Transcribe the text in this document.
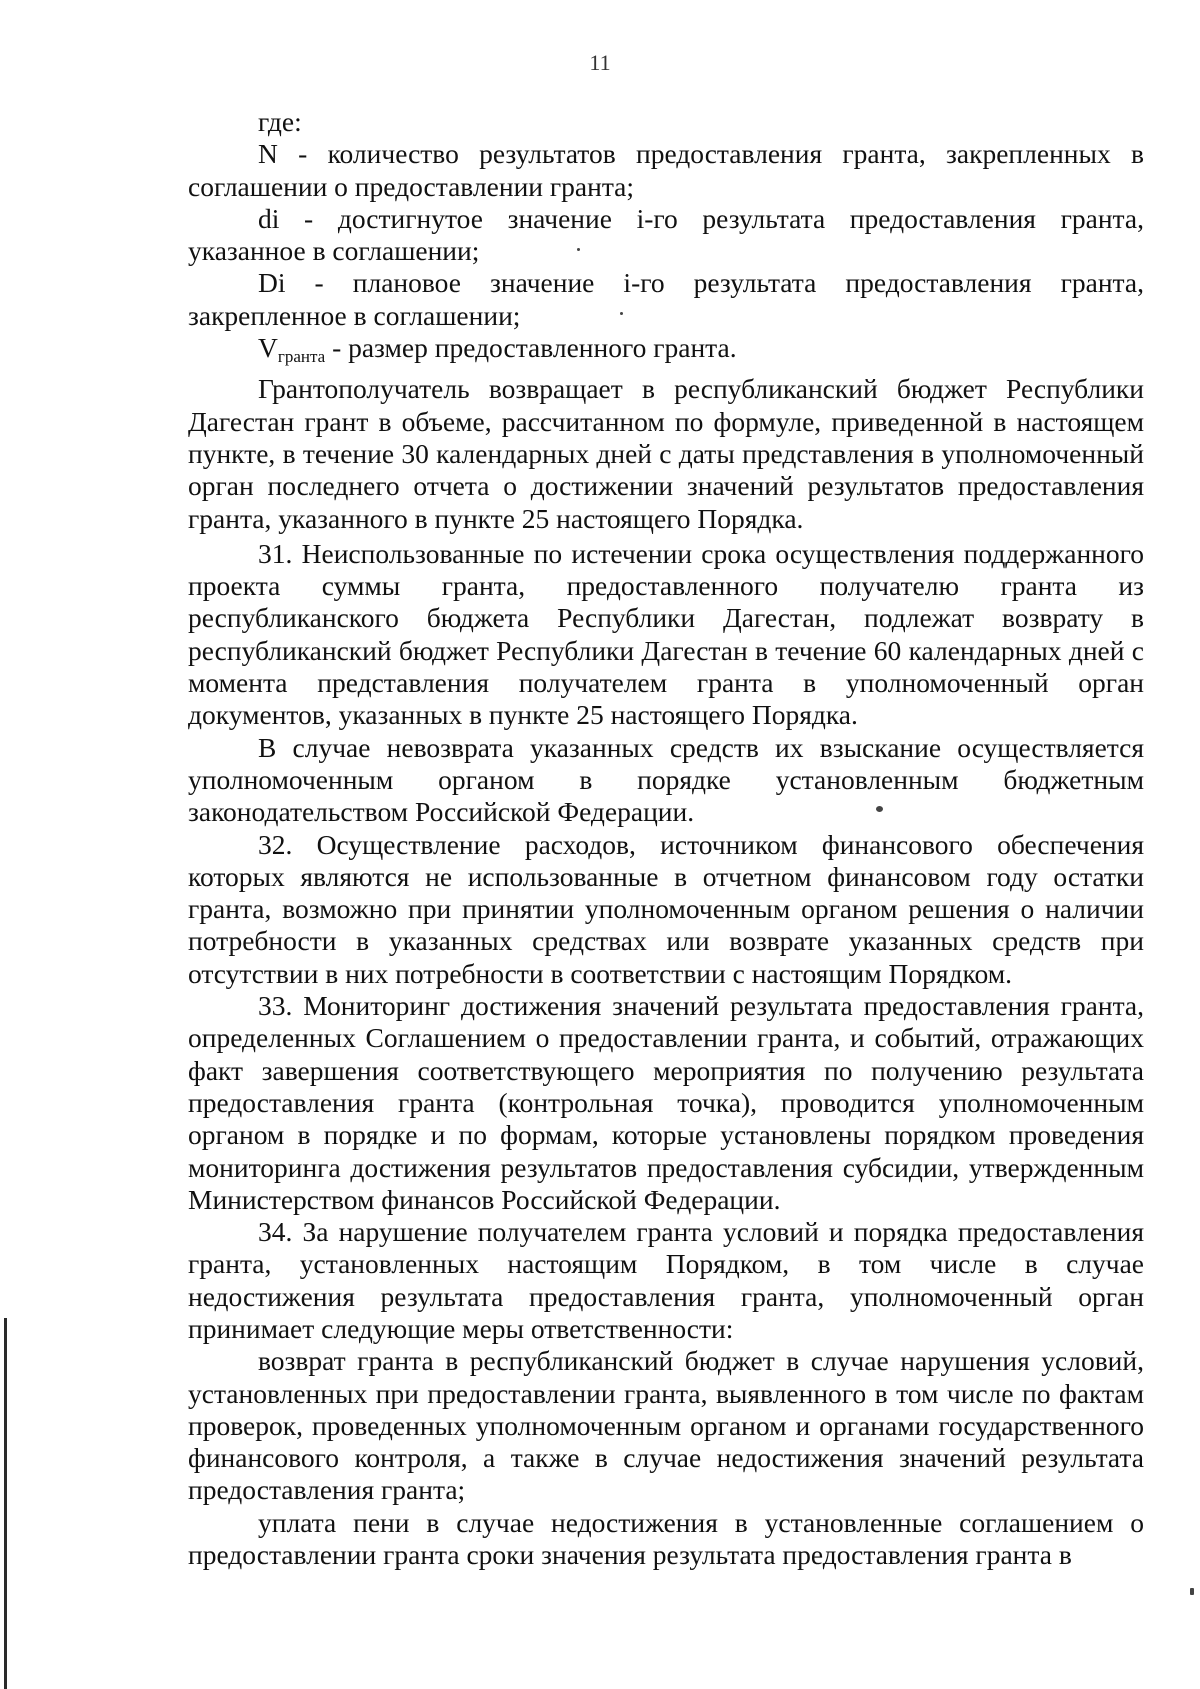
11

где:

N - количество результатов предоставления гранта, закрепленных в соглашении о предоставлении гранта;

di - достигнутое значение i-го результата предоставления гранта, указанное в соглашении;

Di - плановое значение i-го результата предоставления гранта, закрепленное в соглашении;

$V_{гранта}$ - размер предоставленного гранта.

Грантополучатель возвращает в республиканский бюджет Республики Дагестан грант в объеме, рассчитанном по формуле, приведенной в настоящем пункте, в течение 30 календарных дней с даты представления в уполномоченный орган последнего отчета о достижении значений результатов предоставления гранта, указанного в пункте 25 настоящего Порядка.

31. Неиспользованные по истечении срока осуществления поддержанного проекта суммы гранта, предоставленного получателю гранта из республиканского бюджета Республики Дагестан, подлежат возврату в республиканский бюджет Республики Дагестан в течение 60 календарных дней с момента представления получателем гранта в уполномоченный орган документов, указанных в пункте 25 настоящего Порядка.

В случае невозврата указанных средств их взыскание осуществляется уполномоченным органом в порядке установленным бюджетным законодательством Российской Федерации.

32. Осуществление расходов, источником финансового обеспечения которых являются не использованные в отчетном финансовом году остатки гранта, возможно при принятии уполномоченным органом решения о наличии потребности в указанных средствах или возврате указанных средств при отсутствии в них потребности в соответствии с настоящим Порядком.

33. Мониторинг достижения значений результата предоставления гранта, определенных Соглашением о предоставлении гранта, и событий, отражающих факт завершения соответствующего мероприятия по получению результата предоставления гранта (контрольная точка), проводится уполномоченным органом в порядке и по формам, которые установлены порядком проведения мониторинга достижения результатов предоставления субсидии, утвержденным Министерством финансов Российской Федерации.

34. За нарушение получателем гранта условий и порядка предоставления гранта, установленных настоящим Порядком, в том числе в случае недостижения результата предоставления гранта, уполномоченный орган принимает следующие меры ответственности:

возврат гранта в республиканский бюджет в случае нарушения условий, установленных при предоставлении гранта, выявленного в том числе по фактам проверок, проведенных уполномоченным органом и органами государственного финансового контроля, а также в случае недостижения значений результата предоставления гранта;

уплата пени в случае недостижения в установленные соглашением о предоставлении гранта сроки значения результата предоставления гранта в
